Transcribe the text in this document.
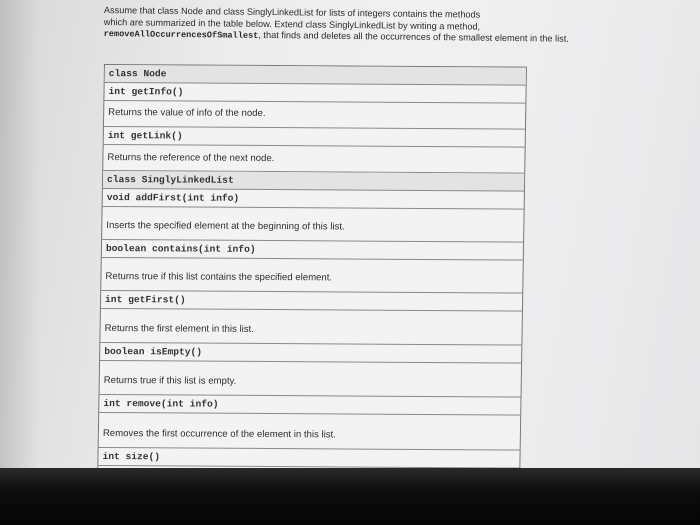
Assume that class Node and class SinglyLinkedList for lists of integers contains the methods
which are summarized in the table below. Extend class SinglyLinkedList by writing a method,
removeAllOccurrencesOfSmallest, that finds and deletes all the occurrences of the smallest element in the list.
class Node
int getInfo()
Returns the value of info of the node.
int getLink()
Returns the reference of the next node.
class SinglyLinkedList
void addFirst(int info)
Inserts the specified element at the beginning of this list.
boolean contains(int info)
Returns true if this list contains the specified element.
int getFirst()
Returns the first element in this list.
boolean isEmpty()
Returns true if this list is empty.
int remove(int info)
Removes the first occurrence of the element in this list.
int size()
